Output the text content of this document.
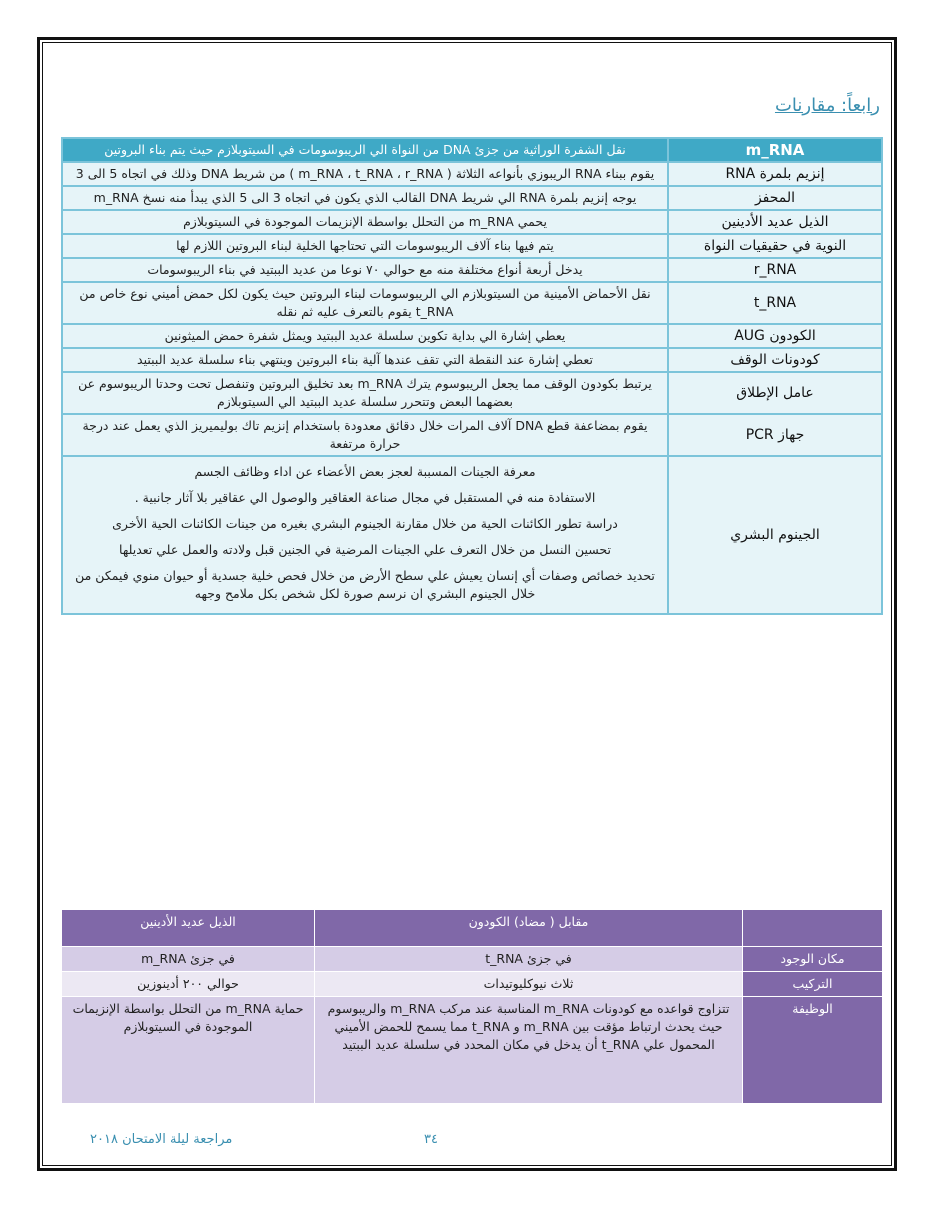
رابعاً: مقارنات
m_RNA	نقل الشفرة الوراثية من جزئ DNA من النواة الي الريبوسومات في السيتوبلازم حيث يتم بناء البروتين

إنزيم بلمرة RNA	يقوم ببناء RNA الريبوزي بأنواعه الثلاثة ( m_RNA ، t_RNA ، r_RNA ) من شريط DNA وذلك في اتجاه 5 الى 3

المحفز	يوجه إنزيم بلمرة RNA الي شريط DNA القالب الذي يكون في اتجاه 3 الى 5 الذي يبدأ منه نسخ m_RNA

الذيل عديد الأدينين	يحمي m_RNA من التحلل بواسطة الإنزيمات الموجودة في السيتوبلازم

النوية في حقيقيات النواة	يتم فيها بناء آلاف الريبوسومات التي تحتاجها الخلية لبناء البروتين اللازم لها

r_RNA	يدخل أربعة أنواع مختلفة منه مع حوالي ٧٠ نوعا من عديد الببتيد في بناء الريبوسومات

t_RNA	نقل الأحماض الأمينية من السيتوبلازم الي الريبوسومات لبناء البروتين حيث يكون لكل حمض أميني نوع خاص من t_RNA يقوم بالتعرف عليه ثم نقله

الكودون AUG	يعطي إشارة الي بداية تكوين سلسلة عديد الببتيد ويمثل شفرة حمض الميثونين

كودونات الوقف	تعطي إشارة عند النقطة التي تقف عندها آلية بناء البروتين وينتهي بناء سلسلة عديد الببتيد

عامل الإطلاق	يرتبط بكودون الوقف مما يجعل الريبوسوم يترك m_RNA بعد تخليق البروتين وتنفصل تحت وحدتا الريبوسوم عن بعضهما البعض وتتحرر سلسلة عديد الببتيد الي السيتوبلازم

جهاز PCR	يقوم بمضاعفة قطع DNA آلاف المرات خلال دقائق معدودة باستخدام إنزيم تاك بوليميريز الذي يعمل عند درجة حرارة مرتفعة

الجينوم البشري	معرفة الجينات المسببة لعجز بعض الأعضاء عن اداء وظائف الجسم
الاستفادة منه في المستقبل في مجال صناعة العقاقير والوصول الي عقاقير بلا آثار جانبية .
دراسة تطور الكائنات الحية من خلال مقارنة الجينوم البشري بغيره من جينات الكائنات الحية الأخرى
تحسين النسل من خلال التعرف علي الجينات المرضية في الجنين قبل ولادته والعمل علي تعديلها
تحديد خصائص وصفات أي إنسان يعيش علي سطح الأرض من خلال فحص خلية جسدية أو حيوان منوي فيمكن من خلال الجينوم البشري ان نرسم صورة لكل شخص بكل ملامح وجهه
	مقابل ( مضاد) الكودون	الذيل عديد الأدينين
مكان الوجود	في جزئ t_RNA	في جزئ m_RNA
التركيب	ثلاث نيوكليوتيدات	حوالي ٢٠٠ أدينوزين
الوظيفة	تتزاوج قواعده مع كودونات m_RNA المناسبة عند مركب m_RNA والريبوسوم حيث يحدث ارتباط مؤقت بين m_RNA و t_RNA مما يسمح للحمض الأميني المحمول علي t_RNA أن يدخل في مكان المحدد في سلسلة عديد الببتيد	حماية m_RNA من التحلل بواسطة الإنزيمات الموجودة في السيتوبلازم
٣٤
مراجعة ليلة الامتحان ٢٠١٨
